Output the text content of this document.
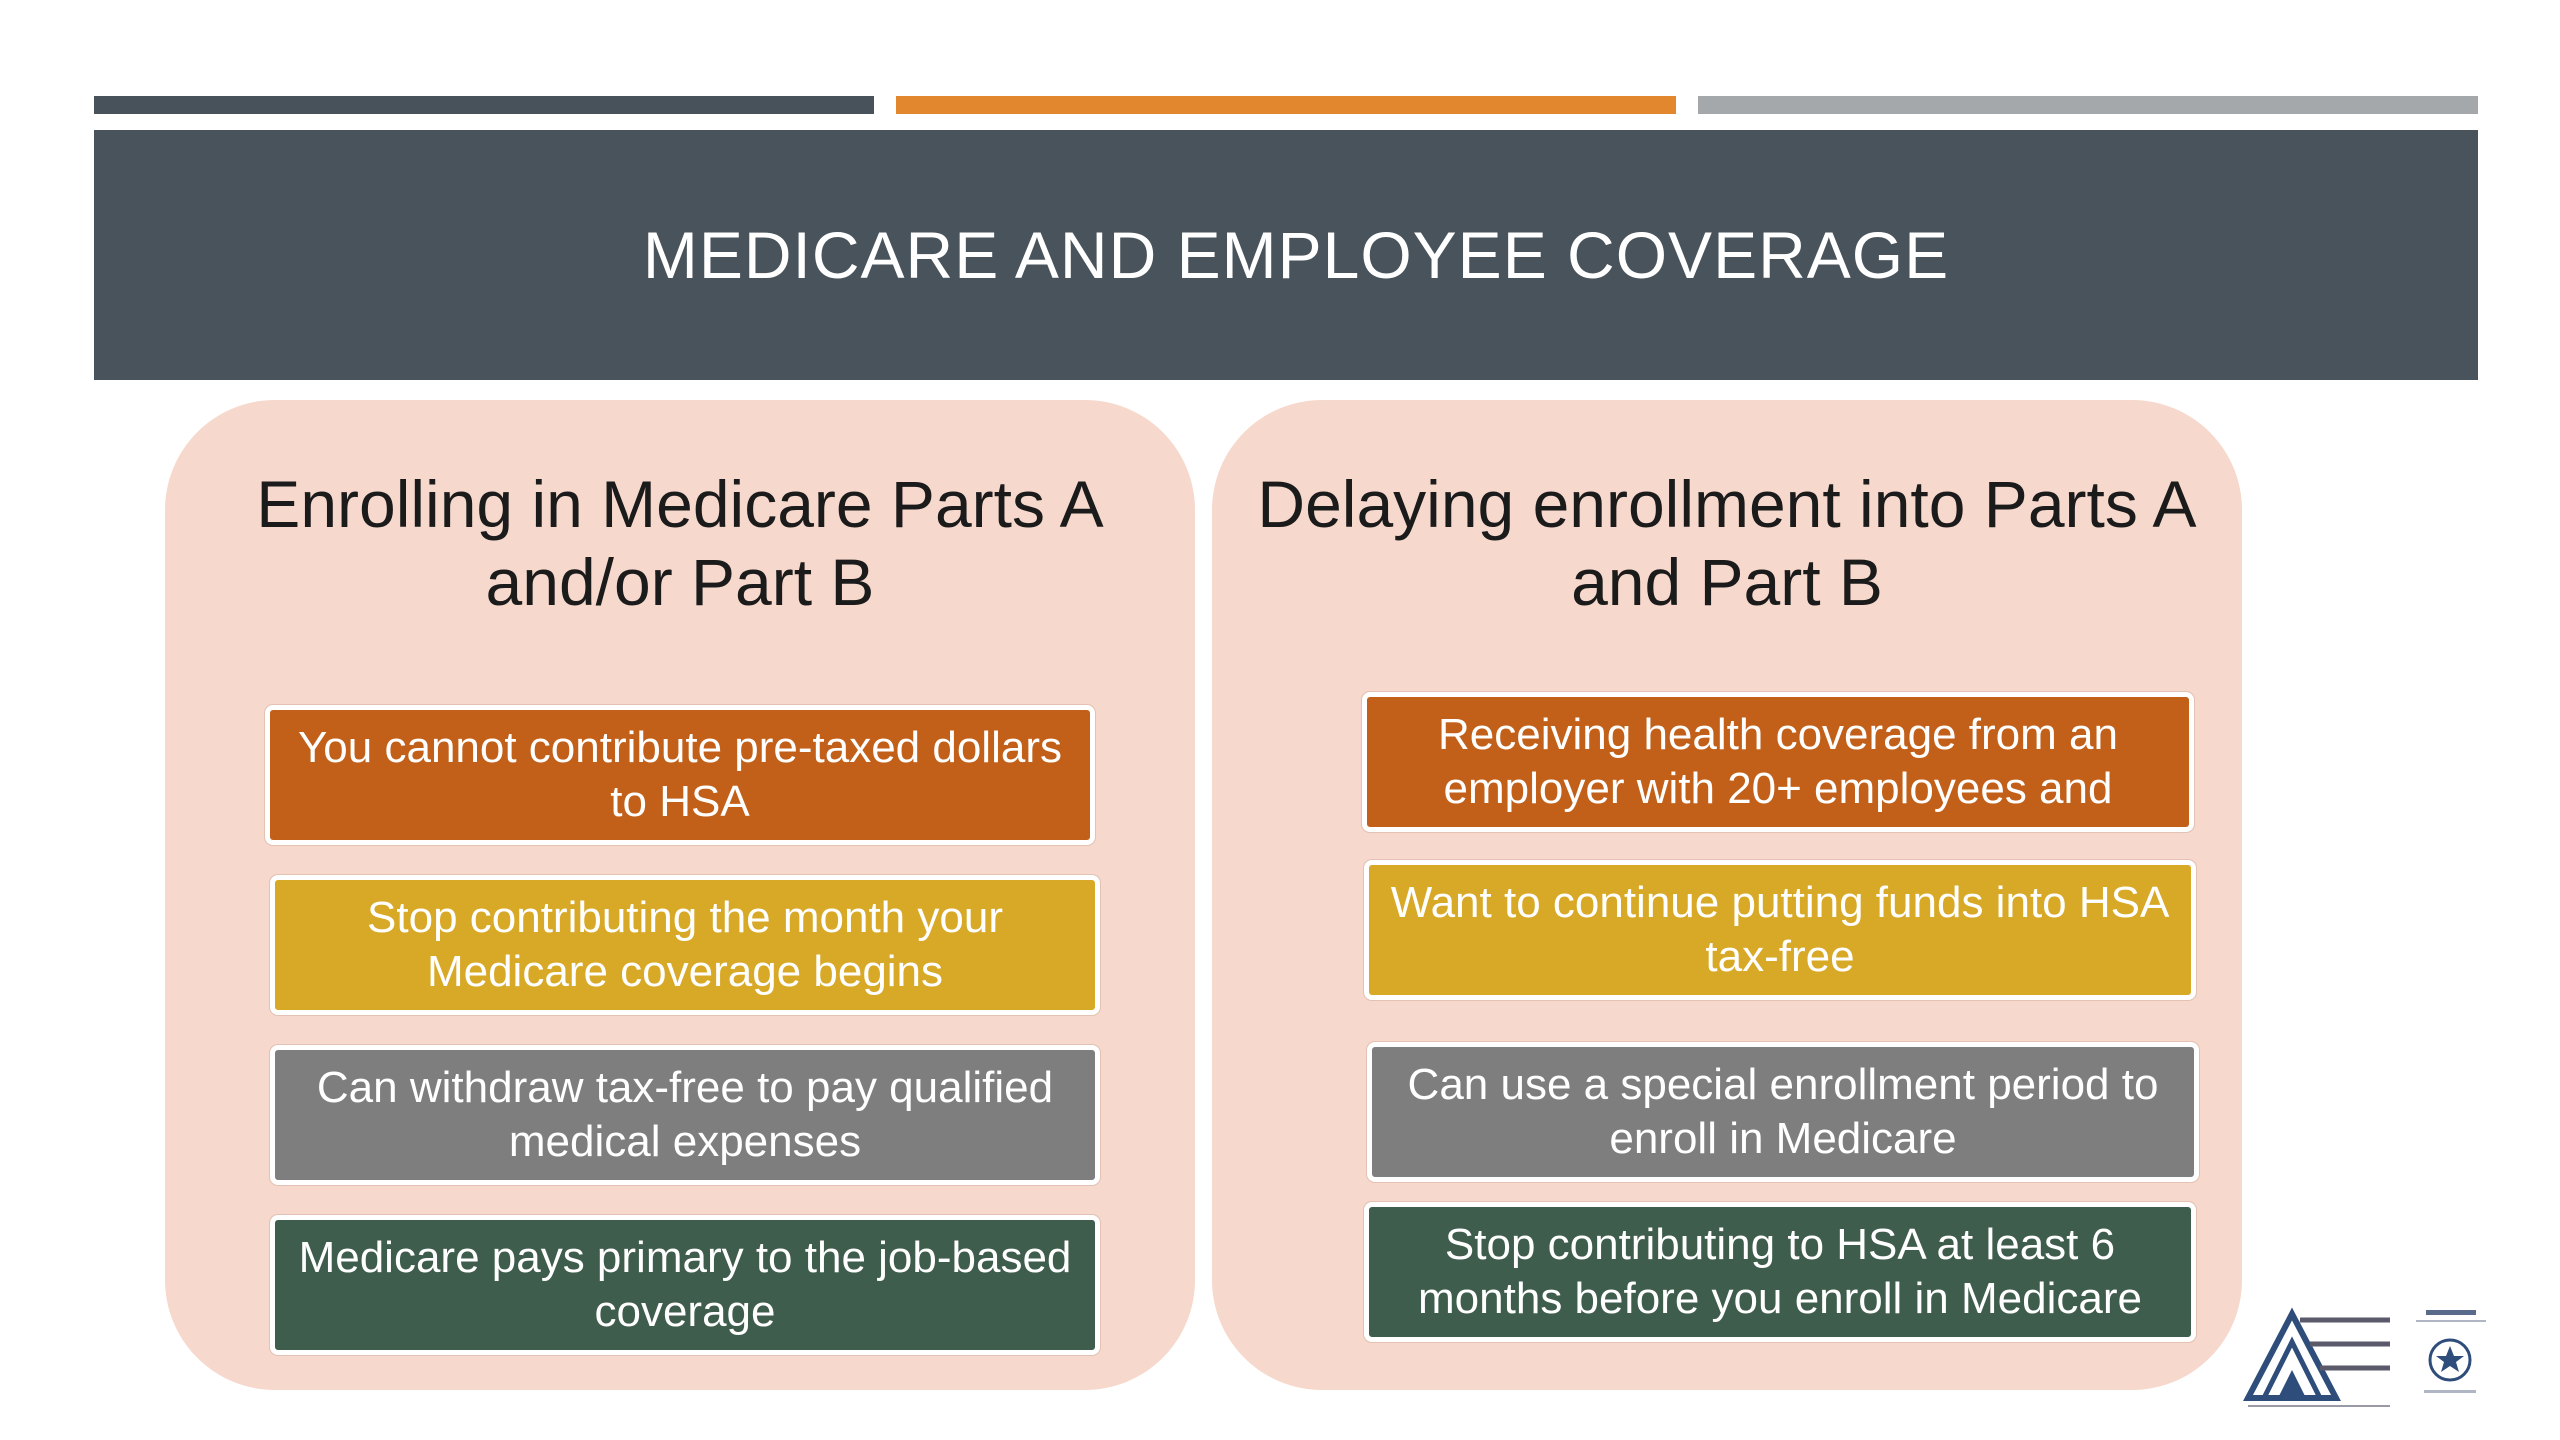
MEDICARE AND EMPLOYEE COVERAGE
Enrolling in Medicare Parts A and/or Part B
You cannot contribute pre-taxed dollars to HSA
Stop contributing the month your Medicare coverage begins
Can withdraw tax-free to pay qualified medical expenses
Medicare pays primary to the job-based coverage
Delaying enrollment into Parts A and Part B
Receiving health coverage from an employer with 20+ employees and
Want to continue putting funds into HSA tax-free
Can use a special enrollment period to enroll in Medicare
Stop contributing to HSA at least 6 months before you enroll in Medicare
